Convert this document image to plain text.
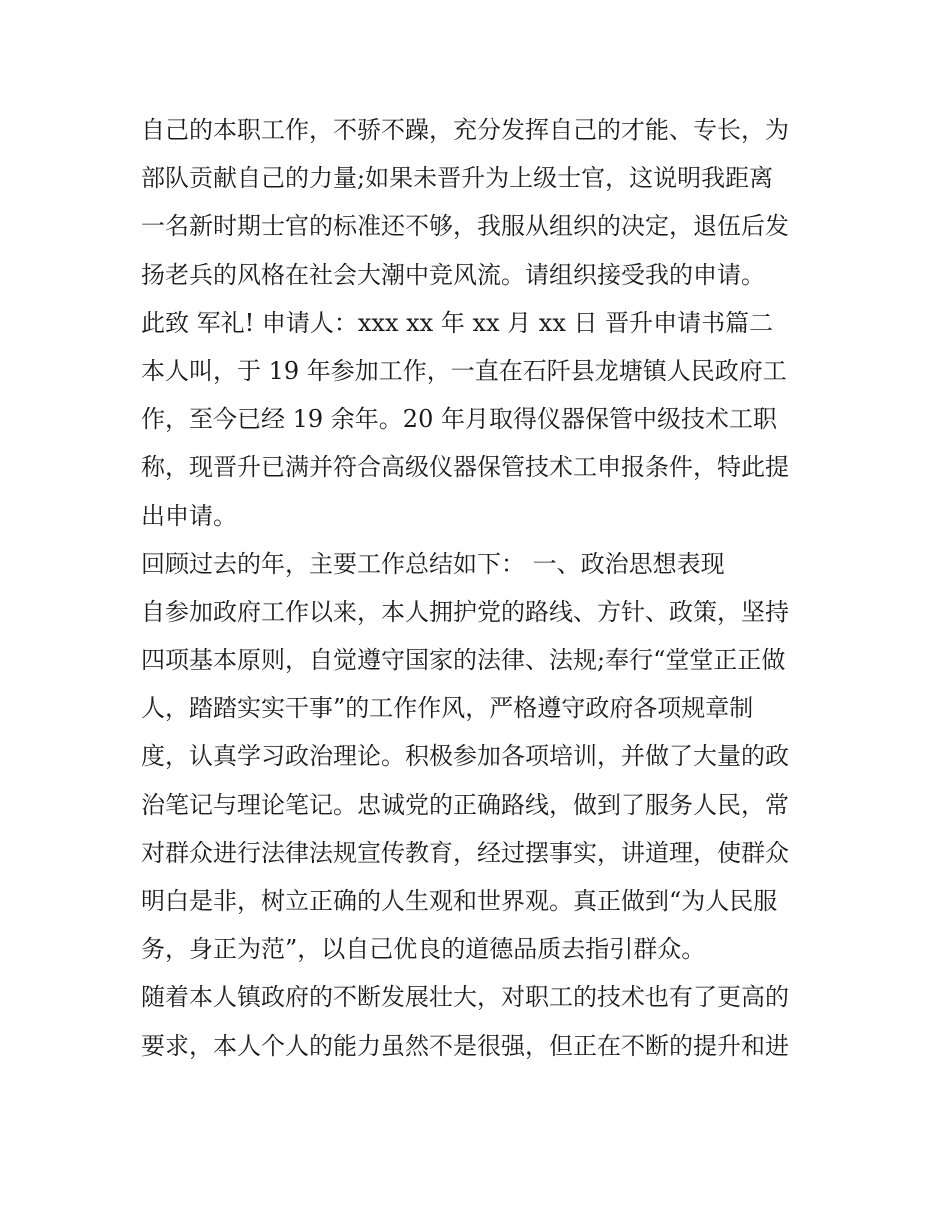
自己的本职工作，不骄不躁，充分发挥自己的才能、专长，为
部队贡献自己的力量;如果未晋升为上级士官，这说明我距离
一名新时期士官的标准还不够，我服从组织的决定，退伍后发
扬老兵的风格在社会大潮中竞风流。请组织接受我的申请。
此致 军礼! 申请人：xxx xx 年 xx 月 xx 日 晋升申请书篇二
本人叫，于 19 年参加工作，一直在石阡县龙塘镇人民政府工
作，至今已经 19 余年。20 年月取得仪器保管中级技术工职
称，现晋升已满并符合高级仪器保管技术工申报条件，特此提
出申请。
回顾过去的年，主要工作总结如下： 一、政治思想表现
自参加政府工作以来，本人拥护党的路线、方针、政策，坚持
四项基本原则，自觉遵守国家的法律、法规;奉行“堂堂正正做
人，踏踏实实干事”的工作作风，严格遵守政府各项规章制
度，认真学习政治理论。积极参加各项培训，并做了大量的政
治笔记与理论笔记。忠诚党的正确路线，做到了服务人民，常
对群众进行法律法规宣传教育，经过摆事实，讲道理，使群众
明白是非，树立正确的人生观和世界观。真正做到“为人民服
务，身正为范”，以自己优良的道德品质去指引群众。
随着本人镇政府的不断发展壮大，对职工的技术也有了更高的
要求，本人个人的能力虽然不是很强，但正在不断的提升和进
